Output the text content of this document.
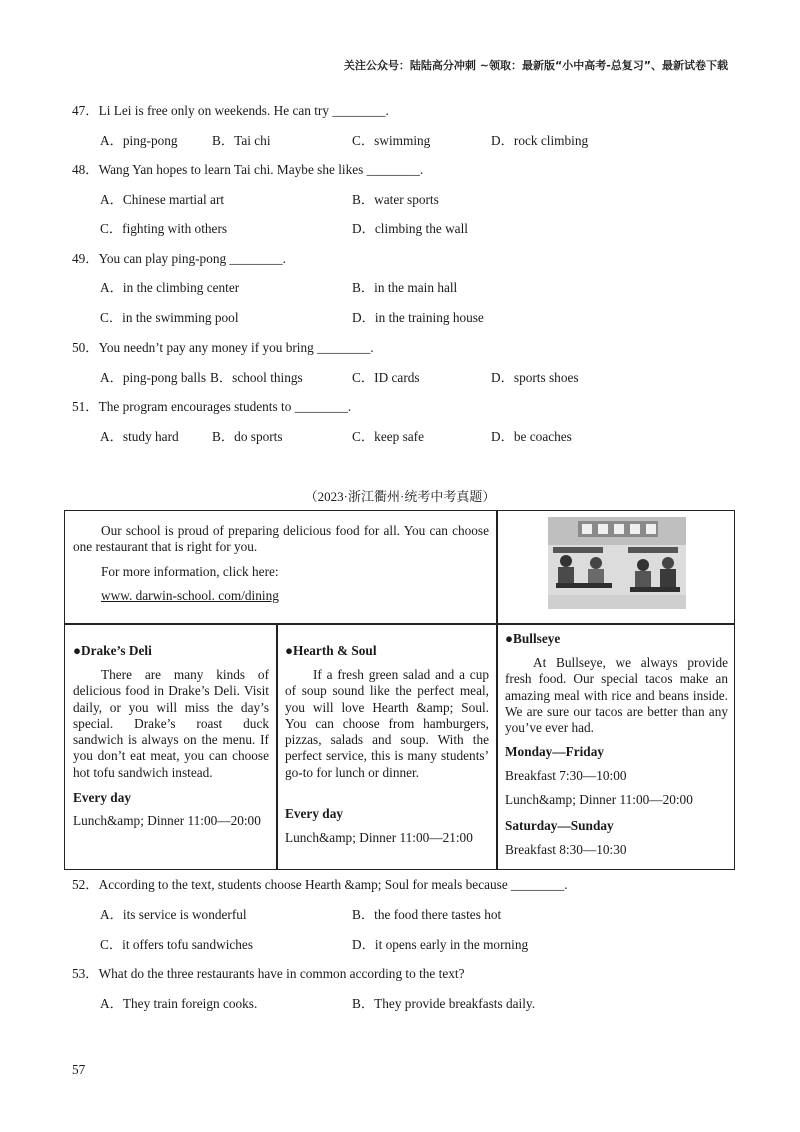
关注公众号：陆陆高分冲刺 ~领取：最新版“小中高考-总复习”、最新试卷下载
47．Li Lei is free only on weekends. He can try ________.
A．ping-pong	B．Tai chi	C．swimming	D．rock climbing
48．Wang Yan hopes to learn Tai chi. Maybe she likes ________.
A．Chinese martial art	B．water sports
C．fighting with others	D．climbing the wall
49．You can play ping-pong ________.
A．in the climbing center	B．in the main hall
C．in the swimming pool	D．in the training house
50．You needn’t pay any money if you bring ________.
A．ping-pong balls B．school things	C．ID cards	D．sports shoes
51．The program encourages students to ________.
A．study hard	B．do sports	C．keep safe	D．be coaches
（2023·浙江衢州·统考中考真题）
Our school is proud of preparing delicious food for all. You can choose one restaurant that is right for you.
For more information, click here:
www. darwin-school. com/dining
●Drake’s Deli
There are many kinds of delicious food in Drake’s Deli. Visit daily, or you will miss the day’s special. Drake’s roast duck sandwich is always on the menu. If you don’t eat meat, you can choose hot tofu sandwich instead.
Every day
Lunch&amp; Dinner 11:00—20:00
●Hearth & Soul
If a fresh green salad and a cup of soup sound like the perfect meal, you will love Hearth &amp; Soul. You can choose from hamburgers, pizzas, salads and soup. With the perfect service, this is many students’ go-to for lunch or dinner.
Every day
Lunch&amp; Dinner 11:00—21:00
●Bullseye
At Bullseye, we always provide fresh food. Our special tacos make an amazing meal with rice and beans inside. We are sure our tacos are better than any you’ve ever had.
Monday—Friday
Breakfast 7:30—10:00
Lunch&amp; Dinner 11:00—20:00
Saturday—Sunday
Breakfast 8:30—10:30
52．According to the text, students choose Hearth &amp; Soul for meals because ________.
A．its service is wonderful	B．the food there tastes hot
C．it offers tofu sandwiches	D．it opens early in the morning
53．What do the three restaurants have in common according to the text?
A．They train foreign cooks.	B．They provide breakfasts daily.
57
